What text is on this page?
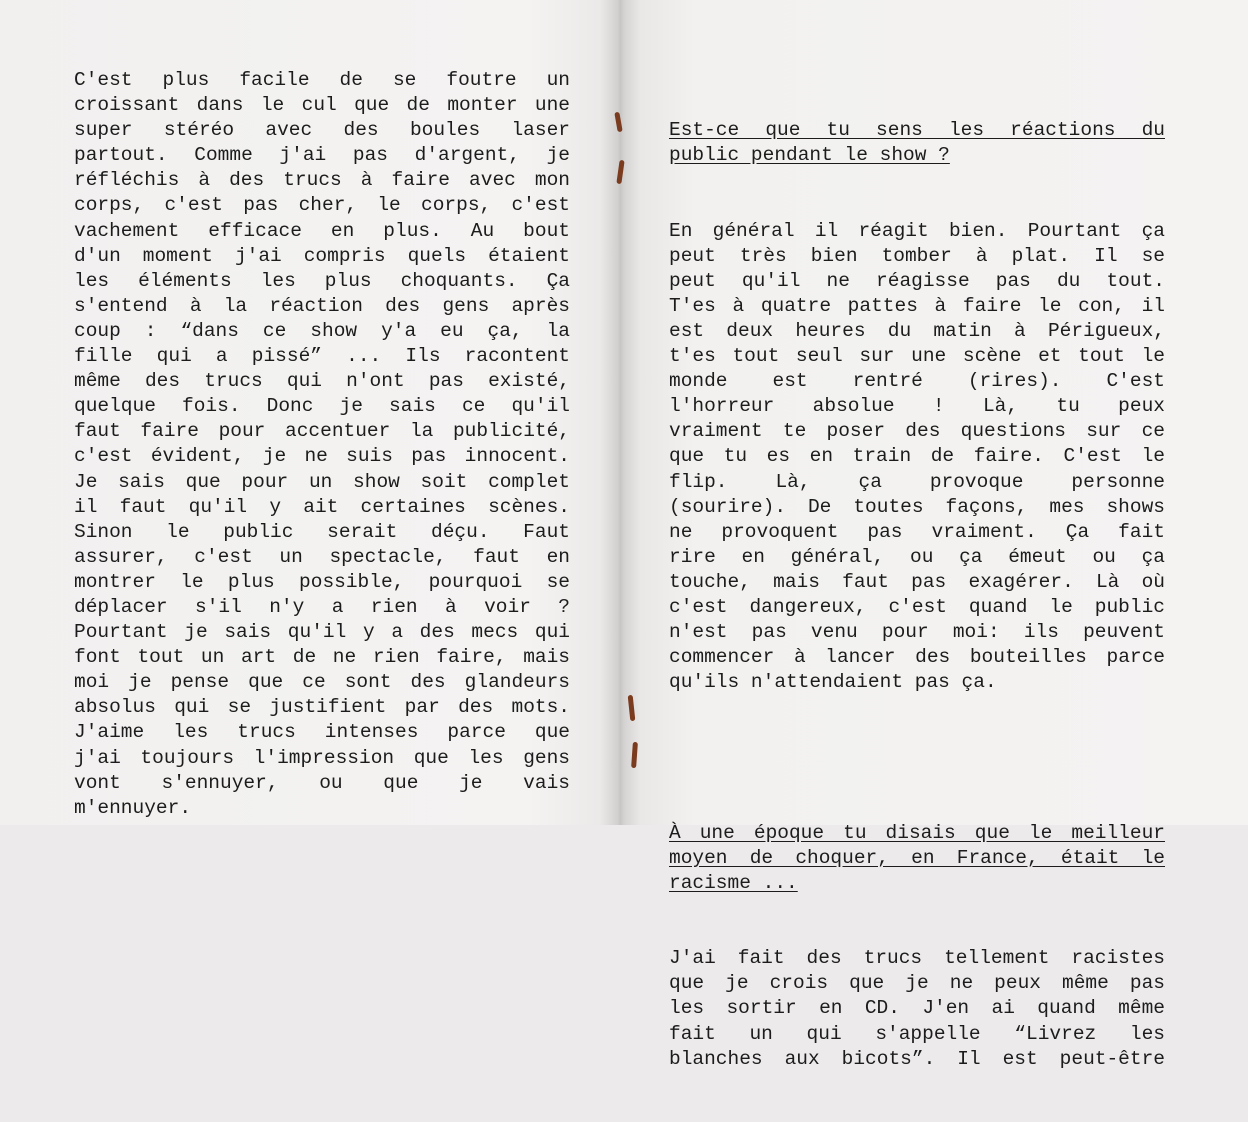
C'est plus facile de se foutre un
croissant dans le cul que de monter une
super stéréo avec des boules laser
partout. Comme j'ai pas d'argent, je
réfléchis à des trucs à faire avec mon
corps, c'est pas cher, le corps, c'est
vachement efficace en plus. Au bout
d'un moment j'ai compris quels étaient
les éléments les plus choquants. Ça
s'entend à la réaction des gens après
coup : “dans ce show y'a eu ça, la
fille qui a pissé” ... Ils racontent
même des trucs qui n'ont pas existé,
quelque fois. Donc je sais ce qu'il
faut faire pour accentuer la publicité,
c'est évident, je ne suis pas innocent.
Je sais que pour un show soit complet
il faut qu'il y ait certaines scènes.
Sinon le public serait déçu. Faut
assurer, c'est un spectacle, faut en
montrer le plus possible, pourquoi se
déplacer s'il n'y a rien à voir ?
Pourtant je sais qu'il y a des mecs qui
font tout un art de ne rien faire, mais
moi je pense que ce sont des glandeurs
absolus qui se justifient par des mots.
J'aime les trucs intenses parce que
j'ai toujours l'impression que les gens
vont s'ennuyer, ou que je vais
m'ennuyer.

Est-ce que tu sens les réactions du
public pendant le show ?

En général il réagit bien. Pourtant ça
peut très bien tomber à plat. Il se
peut qu'il ne réagisse pas du tout.
T'es à quatre pattes à faire le con, il
est deux heures du matin à Périgueux,
t'es tout seul sur une scène et tout le
monde est rentré (rires). C'est
l'horreur absolue ! Là, tu peux
vraiment te poser des questions sur ce
que tu es en train de faire. C'est le
flip. Là, ça provoque personne
(sourire). De toutes façons, mes shows
ne provoquent pas vraiment. Ça fait
rire en général, ou ça émeut ou ça
touche, mais faut pas exagérer. Là où
c'est dangereux, c'est quand le public
n'est pas venu pour moi: ils peuvent
commencer à lancer des bouteilles parce
qu'ils n'attendaient pas ça.

À une époque tu disais que le meilleur
moyen de choquer, en France, était le
racisme ...

J'ai fait des trucs tellement racistes
que je crois que je ne peux même pas
les sortir en CD. J'en ai quand même
fait un qui s'appelle “Livrez les
blanches aux bicots”. Il est peut-être
